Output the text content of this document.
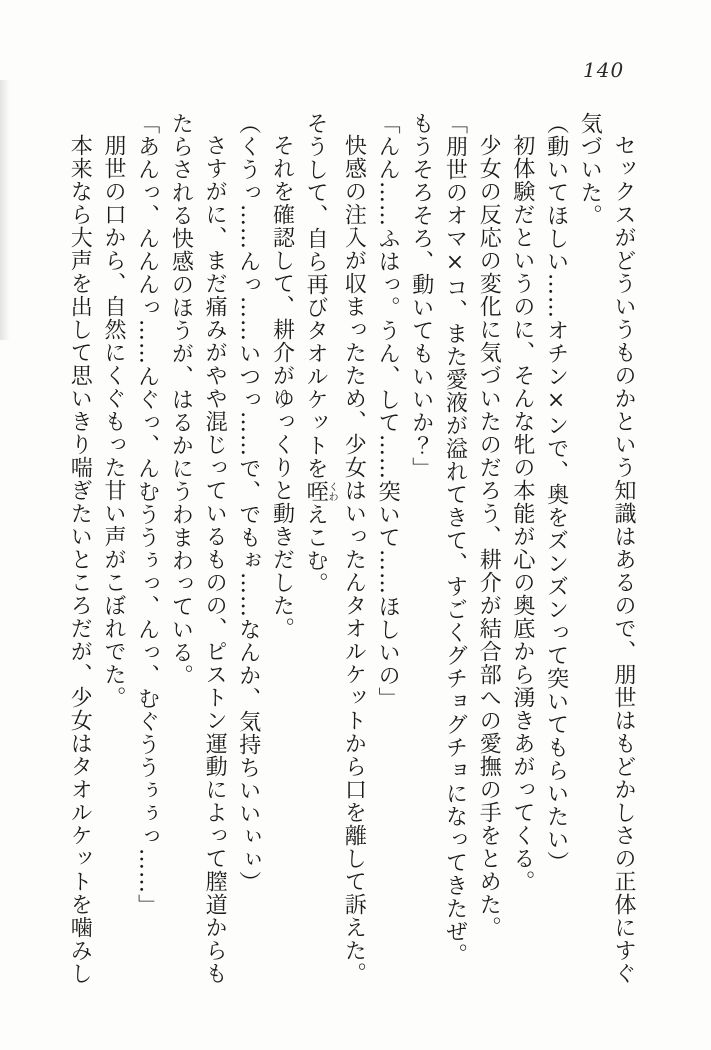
140

セックスがどういうものかという知識はあるので、朋世はもどかしさの正体にすぐ気づいた。

（動いてほしい……オチン×ンで、奥をズンズンって突いてもらいたい）

初体験だというのに、そんな牝の本能が心の奥底から湧きあがってくる。

少女の反応の変化に気づいたのだろう、耕介が結合部への愛撫の手をとめた。

「朋世のオマ×コ、また愛液が溢れてきて、すごくグチョグチョになってきたぜ。もうそろそろ、動いてもいいか？」

「んん……ふはっ。うん、して……突いて……ほしいの」

快感の注入が収まったため、少女はいったんタオルケットから口を離して訴えた。

そうして、自ら再びタオルケットを咥くわえこむ。

それを確認して、耕介がゆっくりと動きだした。

（くうっ……んっ……いつっ……で、でもぉ……なんか、気持ちいいぃぃ）

さすがに、まだ痛みがやや混じっているものの、ピストン運動によって膣道からもたらされる快感のほうが、はるかにうわまわっている。

「あんっ、んんんっ……んぐっ、んむううぅっ、んっ、むぐううぅぅっ……」

朋世の口から、自然にくぐもった甘い声がこぼれでた。

本来なら大声を出して思いきり喘ぎたいところだが、少女はタオルケットを噛みし
